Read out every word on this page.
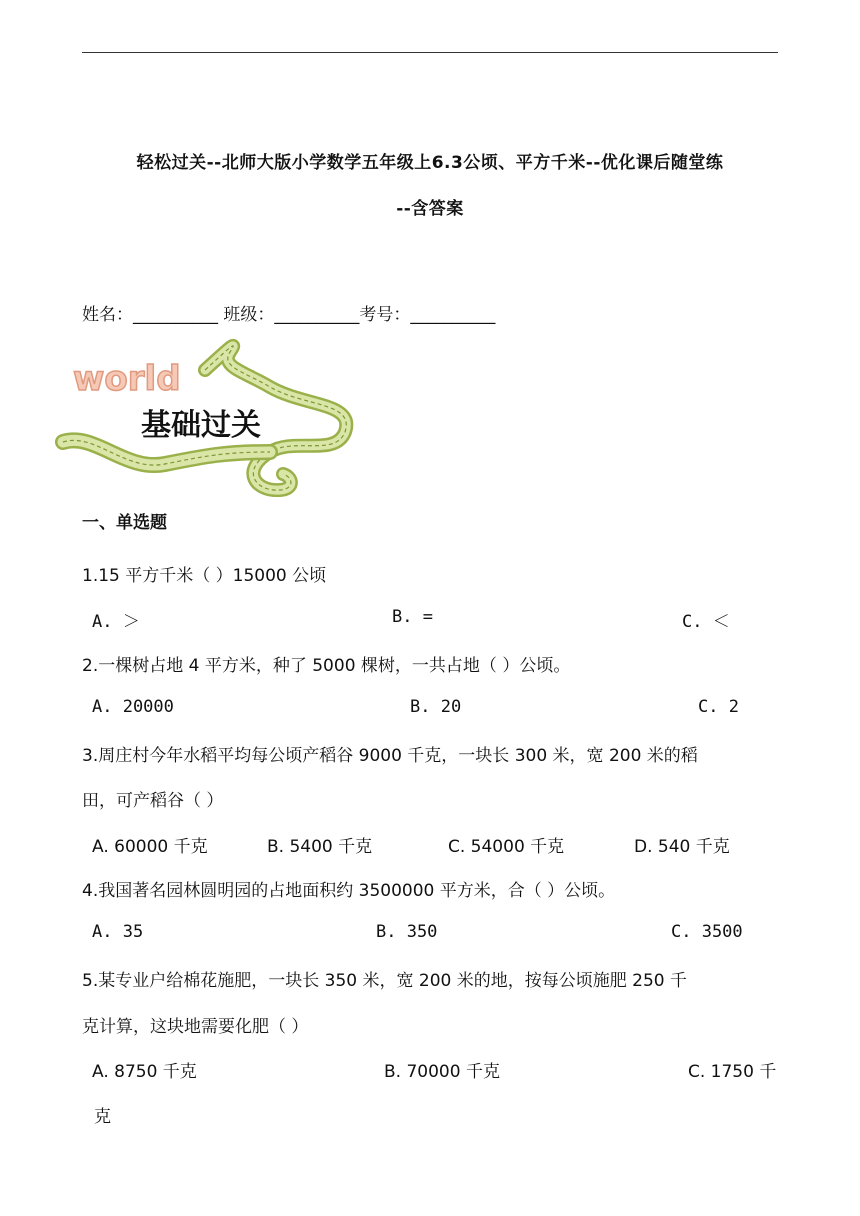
轻松过关--北师大版小学数学五年级上6.3公顷、平方千米--优化课后随堂练
--含答案
姓名：__________ 班级：__________考号：__________
world
基础过关
一、单选题
1.15 平方千米（ ）15000 公顷
A. ＞	B. =	C. ＜
2.一棵树占地 4 平方米，种了 5000 棵树，一共占地（ ）公顷。
A. 20000	B. 20	C. 2
3.周庄村今年水稻平均每公顷产稻谷 9000 千克，一块长 300 米，宽 200 米的稻
田，可产稻谷（ ）
A. 60000 千克	B. 5400 千克	C. 54000 千克	D. 540 千克
4.我国著名园林圆明园的占地面积约 3500000 平方米，合（ ）公顷。
A. 35	B. 350	C. 3500
5.某专业户给棉花施肥，一块长 350 米，宽 200 米的地，按每公顷施肥 250 千
克计算，这块地需要化肥（ ）
A. 8750 千克	B. 70000 千克	C. 1750 千
克
